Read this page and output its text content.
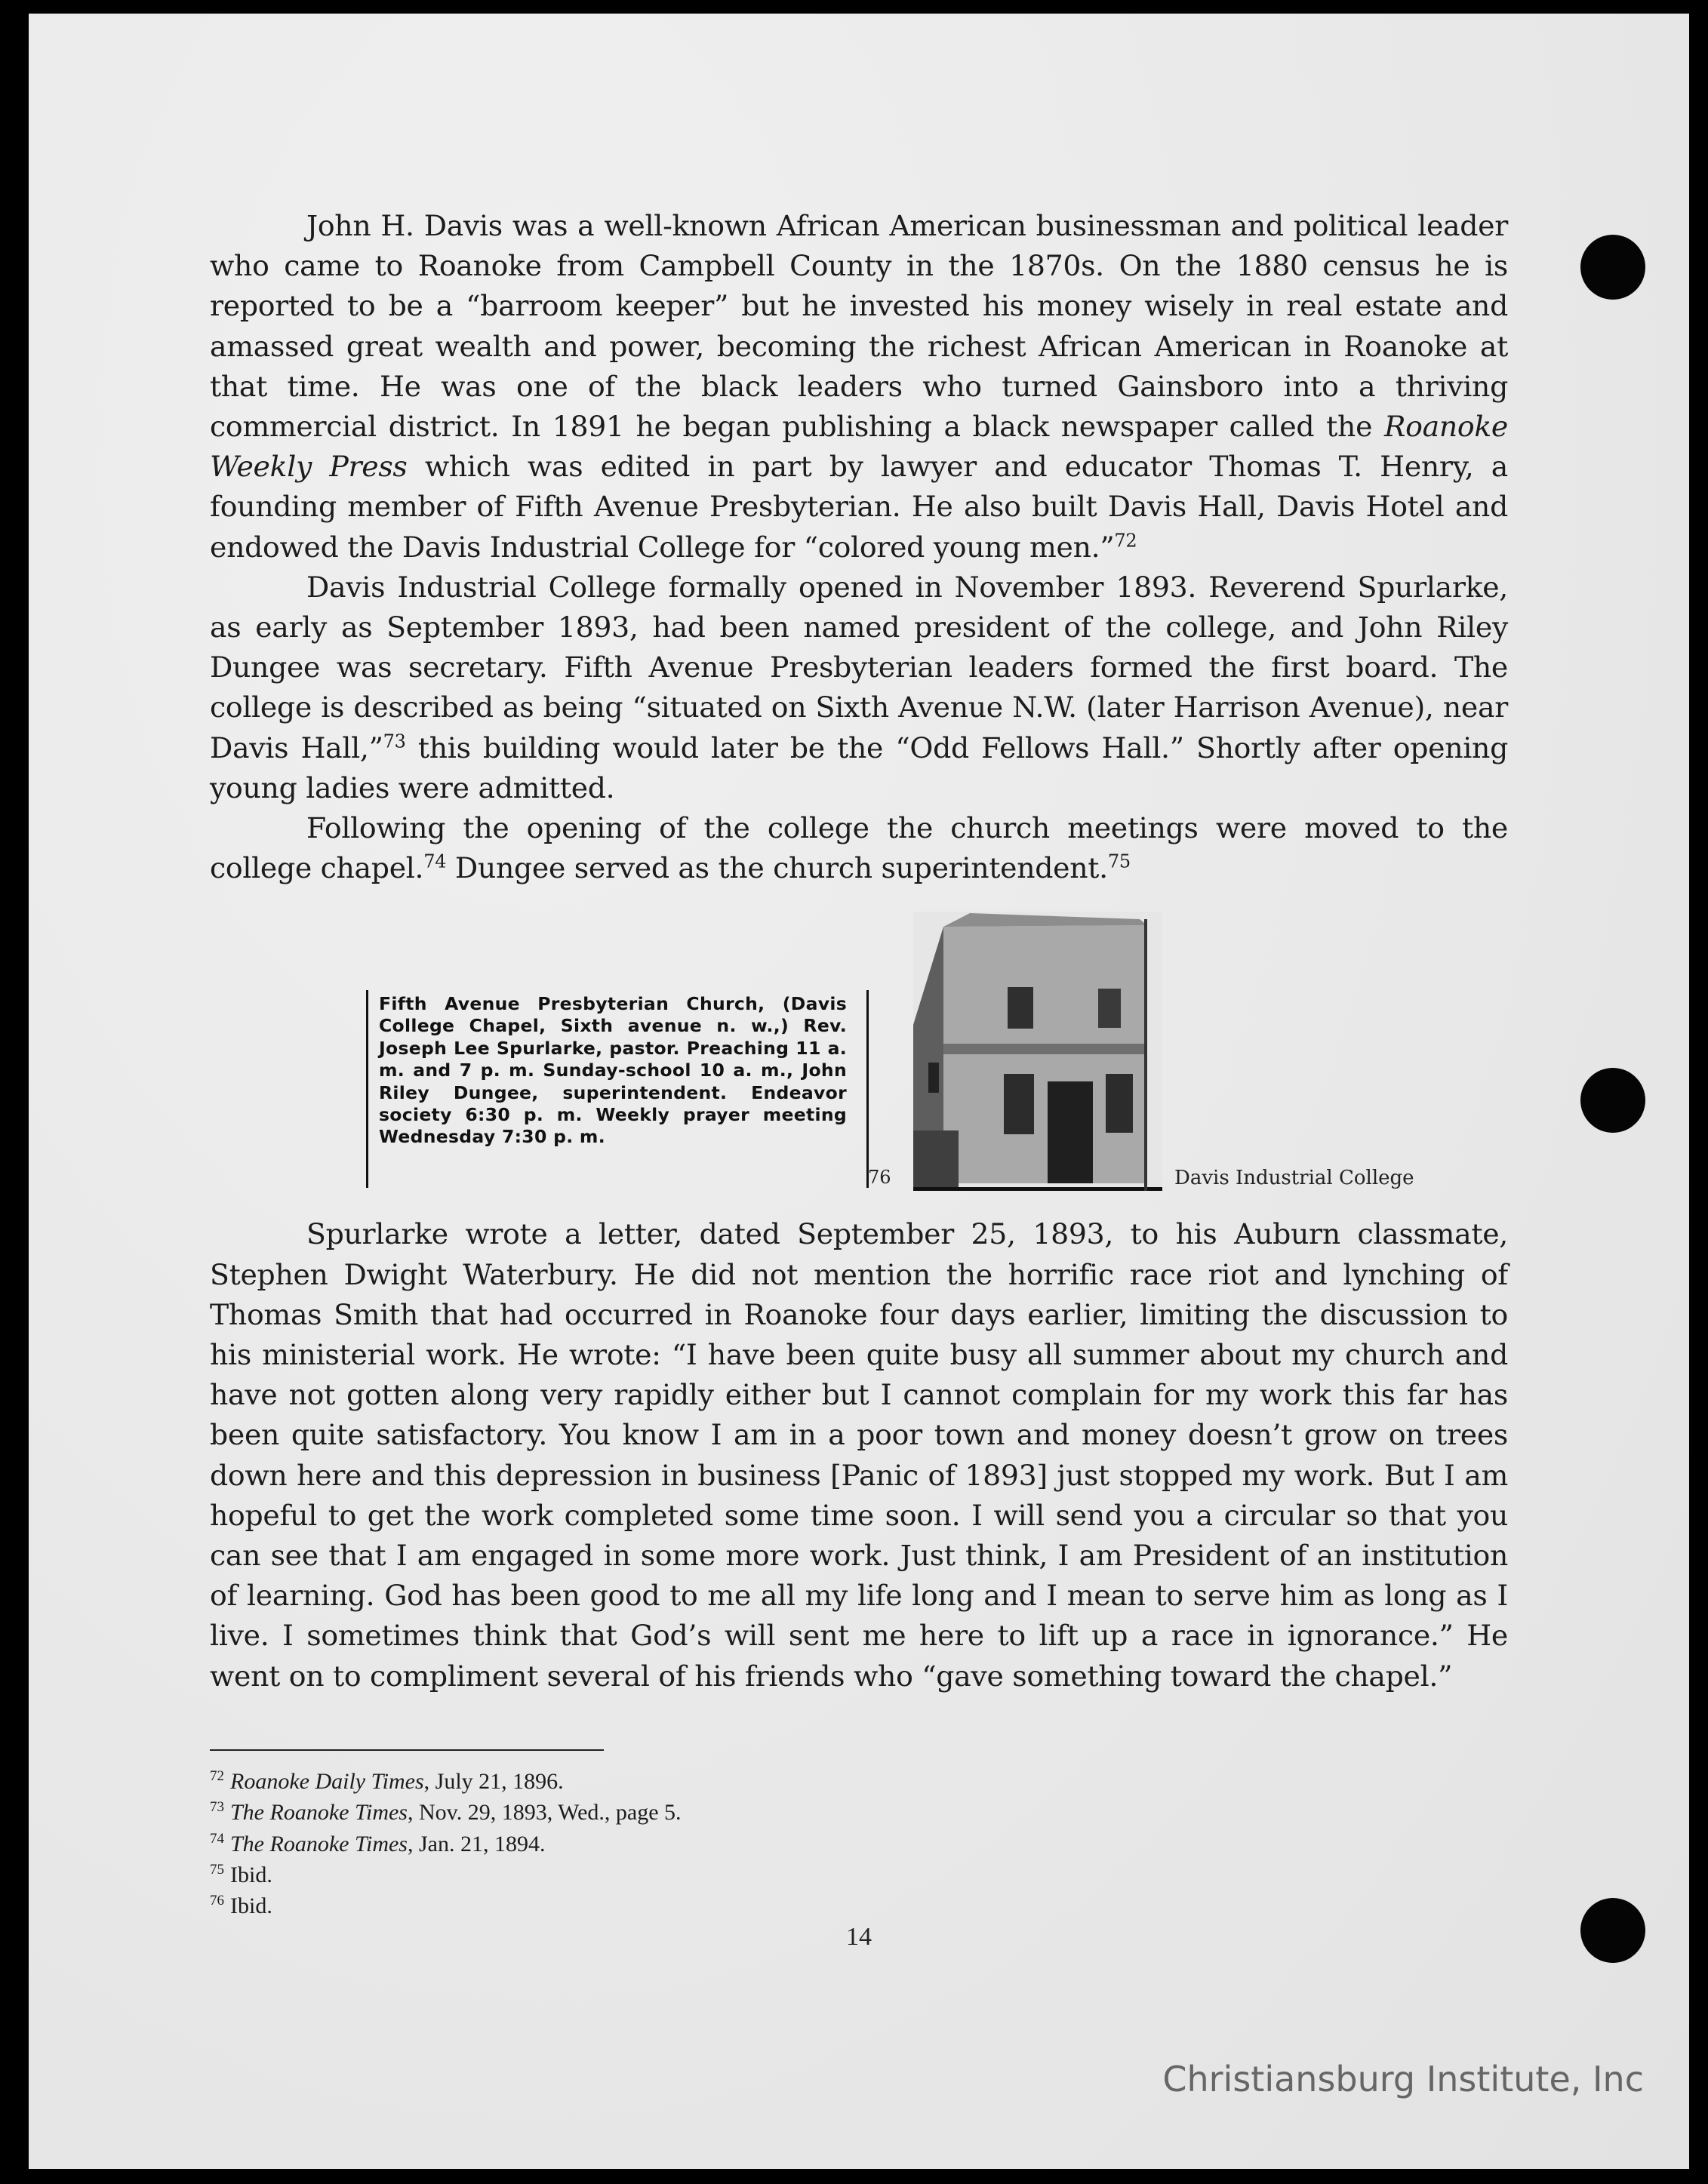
John H. Davis was a well-known African American businessman and political leader who came to Roanoke from Campbell County in the 1870s. On the 1880 census he is reported to be a “barroom keeper” but he invested his money wisely in real estate and amassed great wealth and power, becoming the richest African American in Roanoke at that time. He was one of the black leaders who turned Gainsboro into a thriving commercial district. In 1891 he began publishing a black newspaper called the Roanoke Weekly Press which was edited in part by lawyer and educator Thomas T. Henry, a founding member of Fifth Avenue Presbyterian. He also built Davis Hall, Davis Hotel and endowed the Davis Industrial College for “colored young men.”$^{72}$

Davis Industrial College formally opened in November 1893. Reverend Spurlarke, as early as September 1893, had been named president of the college, and John Riley Dungee was secretary. Fifth Avenue Presbyterian leaders formed the first board. The college is described as being “situated on Sixth Avenue N.W. (later Harrison Avenue), near Davis Hall,”$^{73}$ this building would later be the “Odd Fellows Hall.” Shortly after opening young ladies were admitted.

Following the opening of the college the church meetings were moved to the college chapel.$^{74}$ Dungee served as the church superintendent.$^{75}$

Spurlarke wrote a letter, dated September 25, 1893, to his Auburn classmate, Stephen Dwight Waterbury. He did not mention the horrific race riot and lynching of Thomas Smith that had occurred in Roanoke four days earlier, limiting the discussion to his ministerial work. He wrote: “I have been quite busy all summer about my church and have not gotten along very rapidly either but I cannot complain for my work this far has been quite satisfactory. You know I am in a poor town and money doesn’t grow on trees down here and this depression in business [Panic of 1893] just stopped my work. But I am hopeful to get the work completed some time soon. I will send you a circular so that you can see that I am engaged in some more work. Just think, I am President of an institution of learning. God has been good to me all my life long and I mean to serve him as long as I live. I sometimes think that God’s will sent me here to lift up a race in ignorance.” He went on to compliment several of his friends who “gave something toward the chapel.”

Fifth Avenue Presbyterian Church, (Davis College Chapel, Sixth avenue n. w.,) Rev. Joseph Lee Spurlarke, pastor. Preaching 11 a. m. and 7 p. m. Sunday-school 10 a. m., John Riley Dungee, superintendent. Endeavor society 6:30 p. m. Weekly prayer meeting Wednesday 7:30 p. m.
76	Davis Industrial College
$^{72}$ Roanoke Daily Times, July 21, 1896.
$^{73}$ The Roanoke Times, Nov. 29, 1893, Wed., page 5.
$^{74}$ The Roanoke Times, Jan. 21, 1894.
$^{75}$ Ibid.
$^{76}$ Ibid.
14
Christiansburg Institute, Inc
